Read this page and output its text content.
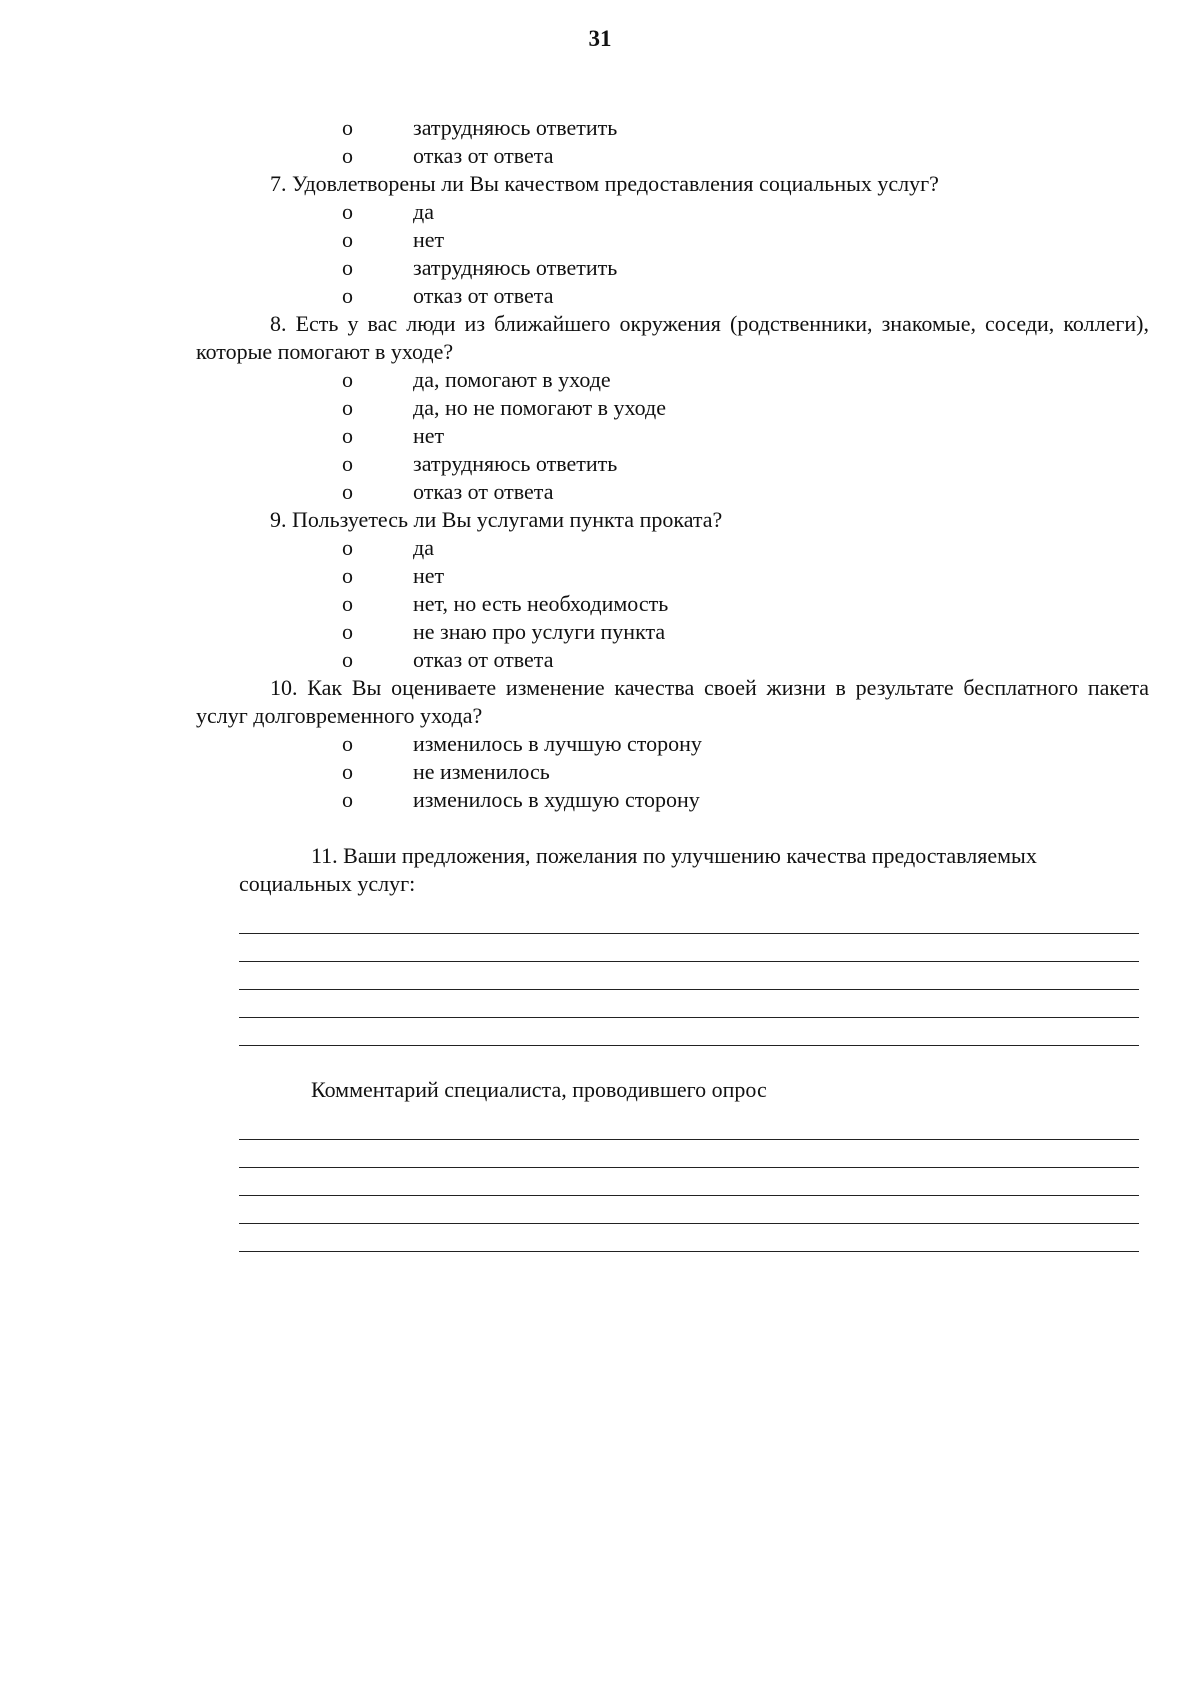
31
o	затрудняюсь ответить
o	отказ от ответа
7. Удовлетворены ли Вы качеством предоставления социальных услуг?
o	да
o	нет
o	затрудняюсь ответить
o	отказ от ответа
8. Есть у вас люди из ближайшего окружения (родственники, знакомые, соседи, коллеги), которые помогают в уходе?
o	да, помогают в уходе
o	да, но не помогают в уходе
o	нет
o	затрудняюсь ответить
o	отказ от ответа
9. Пользуетесь ли Вы услугами пункта проката?
o	да
o	нет
o	нет, но есть необходимость
o	не знаю про услуги пункта
o	отказ от ответа
10. Как Вы оцениваете изменение качества своей жизни в результате бесплатного пакета услуг долговременного ухода?
o	изменилось в лучшую сторону
o	не изменилось
o	изменилось в худшую сторону
11. Ваши предложения, пожелания по улучшению качества предоставляемых социальных услуг:
Комментарий специалиста, проводившего опрос
